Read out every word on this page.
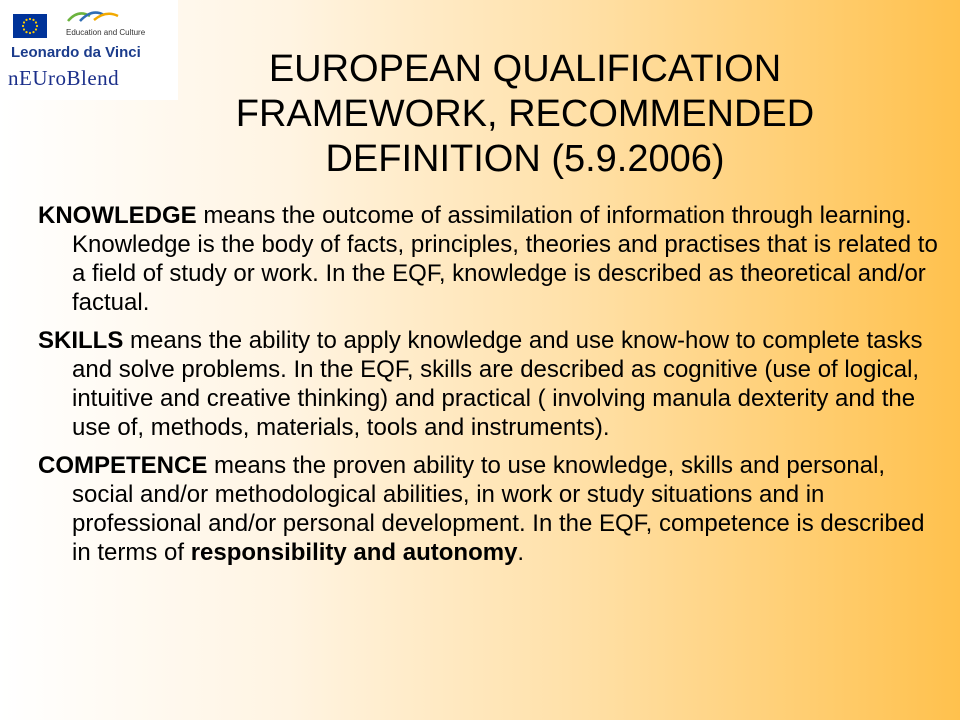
Education and Culture
Leonardo da Vinci
nEUroBlend	EUROPEAN QUALIFICATION
FRAMEWORK, RECOMMENDED
DEFINITION (5.9.2006)

KNOWLEDGE means the outcome of assimilation of information through learning. Knowledge is the body of facts, principles, theories and practises that is related to a field of study or work. In the EQF, knowledge is described as theoretical and/or factual.

SKILLS means the ability to apply knowledge and use know-how to complete tasks and solve problems. In the EQF, skills are described as cognitive (use of logical, intuitive and creative thinking) and practical ( involving manula dexterity and the use of, methods, materials, tools and instruments).

COMPETENCE means the proven ability to use knowledge, skills and personal, social and/or methodological abilities, in work or study situations and in professional and/or personal development. In the EQF, competence is described in terms of responsibility and autonomy.
